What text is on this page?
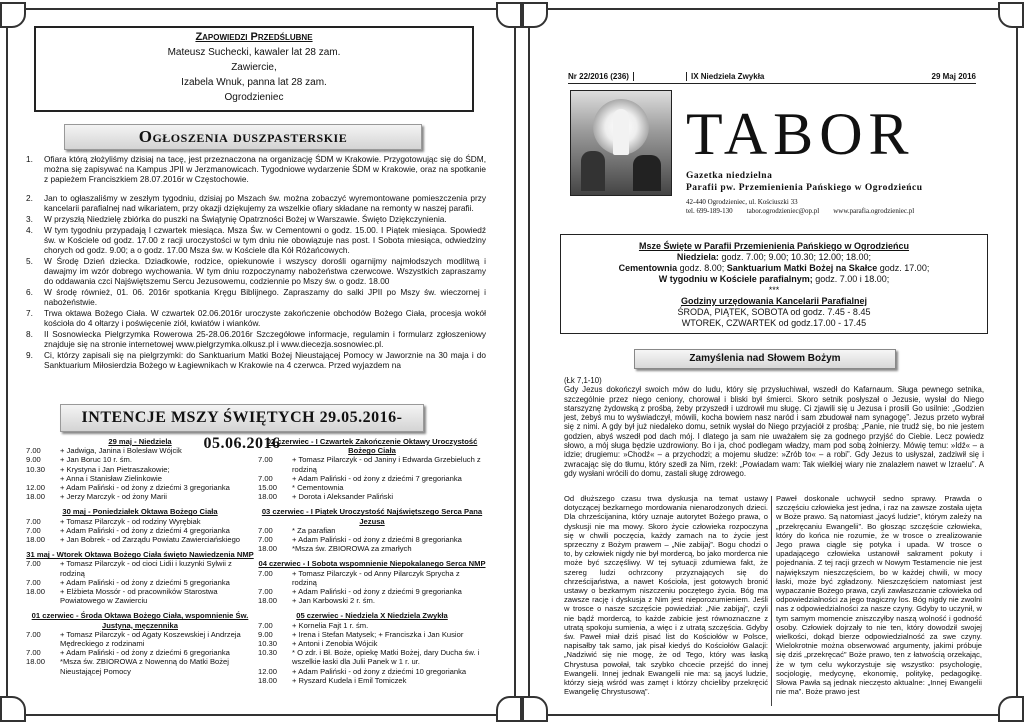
Zapowiedzi Przedślubne
Mateusz Suchecki, kawaler lat 28 zam.
Zawiercie,
Izabela Wnuk, panna lat 28 zam.
Ogrodzieniec
Ogłoszenia duszpasterskie
1. Ofiara którą złożyliśmy dzisiaj na tacę, jest przeznaczona na organizację ŚDM w Krakowie. Przygotowując się do ŚDM, można się zapisywać na Kampus JPII w Jerzmanowicach. Tygodniowe wydarzenie ŚDM w Krakowie, oraz na spotkanie z papieżem Franciszkiem 28.07.2016r w Częstochowie.
2. Jan to ogłaszaliśmy w zeszłym tygodniu, dzisiaj po Mszach św. można zobaczyć wyremontowane pomieszczenia przy kancelarii parafialnej nad wikariatem, przy okazji dziękujemy za wszelkie ofiary składane na remonty w naszej parafii.
3. W przyszłą Niedzielę zbiórka do puszki na Świątynię Opatrzności Bożej w Warszawie. Święto Dziękczynienia.
4. W tym tygodniu przypadają I czwartek miesiąca. Msza Św. w Cementowni o godz. 15.00. I Piątek miesiąca. Spowiedź św. w Kościele od godz. 17.00 z racji uroczystości w tym dniu nie obowiązuje nas post. I Sobota miesiąca, odwiedziny chorych od godz. 9.00; a o godz. 17.00 Msza św. w Kościele dla Kół Różańcowych.
5. W Środę Dzień dziecka. Dziadkowie, rodzice, opiekunowie i wszyscy dorośli ogarnijmy najmłodszych modlitwą i dawajmy im wzór dobrego wychowania. W tym dniu rozpoczynamy nabożeństwa czerwcowe. Wszystkich zapraszamy do oddawania czci Najświętszemu Sercu Jezusowemu, codziennie po Mszy św. o godz. 18.00
6. W środę również, 01. 06. 2016r spotkania Kręgu Biblijnego. Zapraszamy do salki JPII po Mszy św. wieczornej i nabożeństwie.
7. Trwa oktawa Bożego Ciała. W czwartek 02.06.2016r uroczyste zakończenie obchodów Bożego Ciała, procesja wokół kościoła do 4 ołtarzy i poświęcenie ziół, kwiatów i wianków.
8. II Sosnowiecka Pielgrzymka Rowerowa 25-28.06.2016r Szczegółowe informacje, regulamin i formularz zgłoszeniowy znajduje się na stronie internetowej www.pielgrzymka.olkusz.pl i www.diecezja.sosnowiec.pl.
9. Ci, którzy zapisali się na pielgrzymki: do Sanktuarium Matki Bożej Nieustającej Pomocy w Jaworznie na 30 maja i do Sanktuarium Miłosierdzia Bożego w Łagiewnikach w Krakowie na 4 czerwca. Przed wyjazdem na
INTENCJE MSZY ŚWIĘTYCH 29.05.2016-05.06.2016
29 maj - Niedziela
7.00	+ Jadwiga, Janina i Bolesław Wójcik
9.00	+ Jan Boruc 10 r. śm.
10.30	+ Krystyna i Jan Pietraszakowie;
+ Anna i Stanisław Zielinkowie
12.00	+ Adam Paliński - od żony z dziećmi 3 gregorianka
18.00	+ Jerzy Marczyk - od żony Marii
30 maj - Poniedziałek Oktawa Bożego Ciała
7.00	+ Tomasz Pilarczyk - od rodziny Wyrębiak
7.00	+ Adam Paliński - od żony z dziećmi 4 gregorianka
18.00	+ Jan Bobrek - od Zarządu Powiatu Zawierciańskiego
31 maj - Wtorek Oktawa Bożego Ciała święto Nawiedzenia NMP
7.00	+ Tomasz Pilarczyk - od cioci Lidii i kuzynki Sylwii z rodziną
7.00	+ Adam Paliński - od żony z dziećmi 5 gregorianka
18.00	+ Elżbieta Mossór - od pracowników Starostwa Powiatowego w Zawierciu
01 czerwiec - Środa Oktawa Bożego Ciała, wspomnienie Św. Justyna, męczennika
7.00	+ Tomasz Pilarczyk - od Agaty Koszewskiej i Andrzeja Mędreckiego z rodzinami
7.00	+ Adam Paliński - od żony z dziećmi 6 gregorianka
18.00	*Msza św. ZBIOROWA z Nowenną do Matki Bożej Nieustającej Pomocy
02 czerwiec - I Czwartek Zakończenie Oktawy Uroczystość Bożego Ciała
7.00	+ Tomasz Pilarczyk - od Janiny i Edwarda Grzebieluch z rodziną
7.00	+ Adam Paliński - od żony z dziećmi 7 gregorianka
15.00	* Cementownia
18.00	+ Dorota i Aleksander Paliński
03 czerwiec - I Piątek Uroczystość Najświętszego Serca Pana Jezusa
7.00	* Za parafian
7.00	+ Adam Paliński - od żony z dziećmi 8 gregorianka
18.00	*Msza św. ZBIOROWA za zmarłych
04 czerwiec - I Sobota wspomnienie Niepokalanego Serca NMP
7.00	+ Tomasz Pilarczyk - od Anny Pilarczyk Sprycha z rodziną
7.00	+ Adam Paliński - od żony z dziećmi 9 gregorianka
18.00	+ Jan Karbowski 2 r. śm.
05 czerwiec - Niedziela X Niedziela Zwykła
7.00	+ Kornelia Fajt 1 r. śm.
9.00	+ Irena i Stefan Matysek; + Franciszka i Jan Kusior
10.30	+ Antoni i Zenobia Wójcik
10.30	* O zdr. i Bł. Boże, opiekę Matki Bożej, dary Ducha św. i wszelkie łaski dla Julii Panek w 1 r. ur.
12.00	+ Adam Paliński - od żony z dziećmi 10 gregorianka
18.00	+ Ryszard Kudela i Emil Tomiczek
Nr 22/2016 (236)	IX Niedziela Zwykła	29 Maj 2016
TABOR
Gazetka niedzielna
Parafii pw. Przemienienia Pańskiego w Ogrodzieńcu
42-440 Ogrodzieniec, ul. Kościuszki 33
tel. 699-189-130 tabor.ogrodzieniec@op.pl www.parafia.ogrodzieniec.pl
Msze Święte w Parafii Przemienienia Pańskiego w Ogrodzieńcu
Niedziela: godz. 7.00; 9.00; 10.30; 12.00; 18.00;
Cementownia godz. 8.00; Sanktuarium Matki Bożej na Skałce godz. 17.00;
W tygodniu w Kościele parafialnym; godz. 7.00 i 18.00;
***
Godziny urzędowania Kancelarii Parafialnej
ŚRODA, PIĄTEK, SOBOTA od godz. 7.45 - 8.45
WTOREK, CZWARTEK od godz.17.00 - 17.45
Zamyślenia nad Słowem Bożym
(Łk 7,1-10)
Gdy Jezus dokończył swoich mów do ludu, który się przysłuchiwał, wszedł do Kafarnaum. Sługa pewnego setnika, szczególnie przez niego ceniony, chorował i bliski był śmierci. Skoro setnik posłyszał o Jezusie, wysłał do Niego starszyznę żydowską z prośbą, żeby przyszedł i uzdrowił mu sługę. Ci zjawili się u Jezusa i prosili Go usilnie: „Godzien jest, żebyś mu to wyświadczył, mówili, kocha bowiem nasz naród i sam zbudował nam synagogę”. Jezus przeto wybrał się z nimi. A gdy był już niedaleko domu, setnik wysłał do Niego przyjaciół z prośbą: „Panie, nie trudź się, bo nie jestem godzien, abyś wszedł pod dach mój. I dlatego ja sam nie uważałem się za godnego przyjść do Ciebie. Lecz powiedz słowo, a mój sługa będzie uzdrowiony. Bo i ja, choć podlegam władzy, mam pod sobą żołnierzy. Mówię temu: »Idź« – a idzie; drugiemu: »Chodź« – a przychodzi; a mojemu słudze: »Zrób to« – a robi”. Gdy Jezus to usłyszał, zadziwił się i zwracając się do tłumu, który szedł za Nim, rzekł: „Powiadam wam: Tak wielkiej wiary nie znalazłem nawet w Izraelu”. A gdy wysłani wrócili do domu, zastali sługę zdrowego.
Od dłuższego czasu trwa dyskusja na temat ustawy dotyczącej bezkarnego mordowania nienarodzonych dzieci. Dla chrześcijanina, który uznaje autorytet Bożego prawa, o dyskusji nie ma mowy. Skoro życie człowieka rozpoczyna się w chwili poczęcia, każdy zamach na to życie jest sprzeczny z Bożym prawem – „Nie zabijaj”. Bogu chodzi o to, by człowiek nigdy nie był mordercą, bo jako morderca nie może być szczęśliwy. W tej sytuacji zdumiewa fakt, że szereg ludzi ochrzcony przyznających się do chrześcijaństwa, a nawet Kościoła, jest gotowych bronić ustawy o bezkarnym niszczeniu poczętego życia. Bóg ma zawsze rację i dyskusja z Nim jest nieporozumieniem. Jeśli w trosce o nasze szczęście powiedział: „Nie zabijaj”, czyli nie bądź mordercą, to każde zabicie jest równoznaczne z utratą spokoju sumienia, a więc i z utratą szczęścia. Gdyby św. Paweł miał dziś pisać list do Kościołów w Polsce, napisałby tak samo, jak pisał kiedyś do Kościołów Galacji: „Nadziwić się nie mogę, że od Tego, który was łaską Chrystusa powołał, tak szybko chcecie przejść do innej Ewangelii. Innej jednak Ewangelii nie ma: są jacyś ludzie, którzy sieją wśród was zamęt i którzy chcieliby przekręcić Ewangelię Chrystusową”.
Paweł doskonale uchwycił sedno sprawy. Prawda o szczęściu człowieka jest jedna, i raz na zawsze została ujęta w Boże prawo. Są natomiast „jacyś ludzie”, którym zależy na „przekręcaniu Ewangelii”. Bo głosząc szczęście człowieka, który do końca nie rozumie, że w trosce o zrealizowanie Jego prawa ciągle się potyka i upada. W trosce o upadającego człowieka ustanowił sakrament pokuty i pojednania. Z tej racji grzech w Nowym Testamencie nie jest największym nieszczęściem, bo w każdej chwili, w mocy łaski, może być zgładzony. Nieszczęściem natomiast jest wypaczanie Bożego prawa, czyli zawłaszczanie człowieka od odpowiedzialności za jego tragiczny los. Bóg nigdy nie zwolni nas z odpowiedzialności za nasze czyny. Gdyby to uczynił, w tym samym momencie zniszczyłby naszą wolność i godność osoby. Człowiek dojrzały to nie ten, który dowodził swojej wielkości, dokąd bierze odpowiedzialność za swe czyny. Wielokrotnie można obserwować argumenty, jakimi próbuje się dziś „przekręcać” Boże prawo, ten z łatwością orzekając, że w tym celu wykorzystuje się wszystko: psychologię, socjologię, medycynę, ekonomię, politykę, pedagogikę. Słowa Pawła są jednak nieczęsto aktualne: „Innej Ewangelii nie ma”. Boże prawo jest
